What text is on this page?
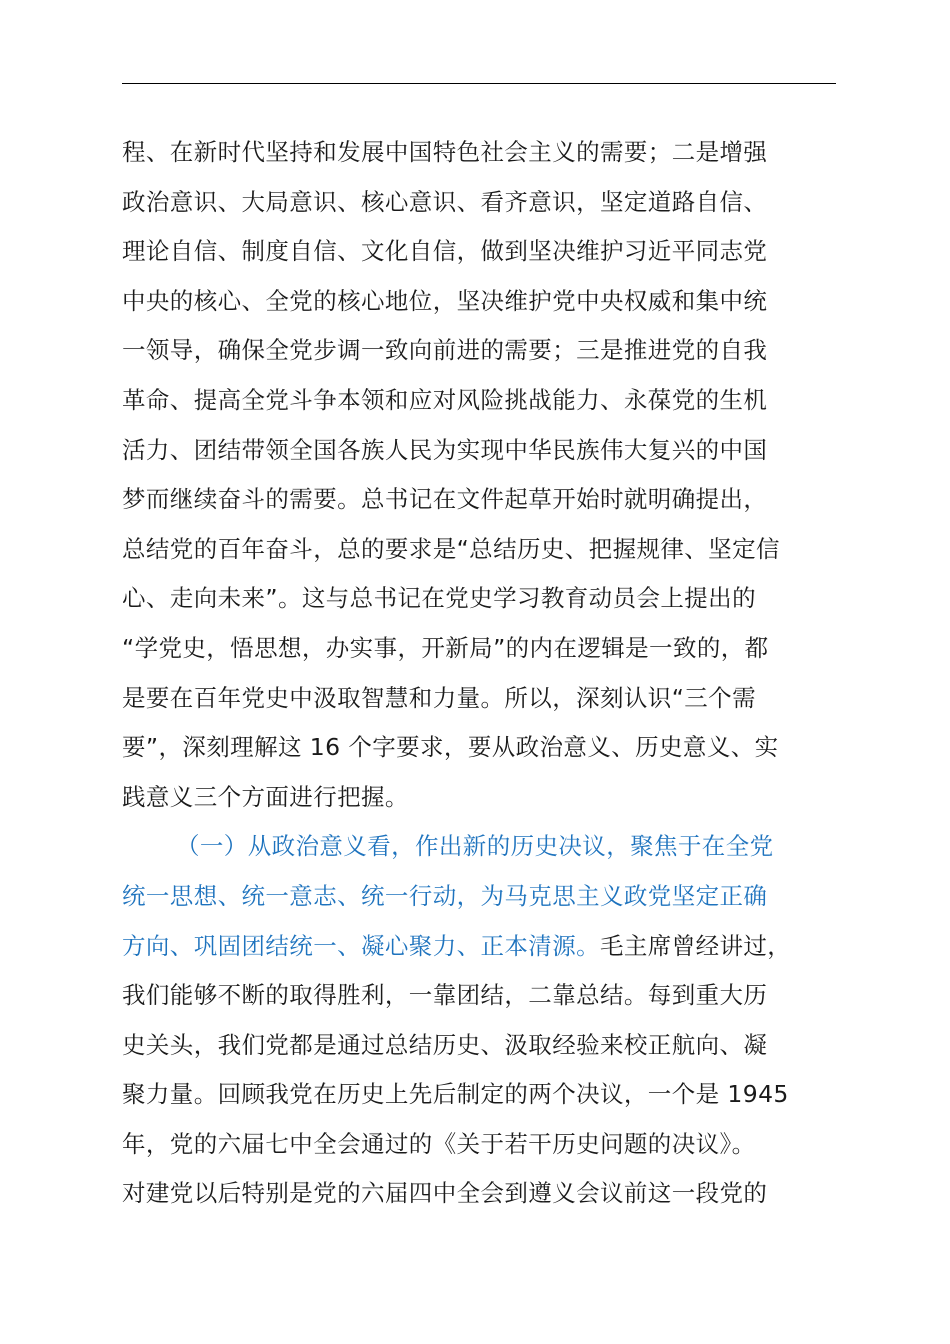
程、在新时代坚持和发展中国特色社会主义的需要；二是增强
政治意识、大局意识、核心意识、看齐意识，坚定道路自信、
理论自信、制度自信、文化自信，做到坚决维护习近平同志党
中央的核心、全党的核心地位，坚决维护党中央权威和集中统
一领导，确保全党步调一致向前进的需要；三是推进党的自我
革命、提高全党斗争本领和应对风险挑战能力、永葆党的生机
活力、团结带领全国各族人民为实现中华民族伟大复兴的中国
梦而继续奋斗的需要。总书记在文件起草开始时就明确提出，
总结党的百年奋斗，总的要求是“总结历史、把握规律、坚定信
心、走向未来”。这与总书记在党史学习教育动员会上提出的
“学党史，悟思想，办实事，开新局”的内在逻辑是一致的，都
是要在百年党史中汲取智慧和力量。所以，深刻认识“三个需
要”，深刻理解这 16 个字要求，要从政治意义、历史意义、实
践意义三个方面进行把握。
（一）从政治意义看，作出新的历史决议，聚焦于在全党
统一思想、统一意志、统一行动，为马克思主义政党坚定正确
方向、巩固团结统一、凝心聚力、正本清源。毛主席曾经讲过，
我们能够不断的取得胜利，一靠团结，二靠总结。每到重大历
史关头，我们党都是通过总结历史、汲取经验来校正航向、凝
聚力量。回顾我党在历史上先后制定的两个决议，一个是 1945
年，党的六届七中全会通过的《关于若干历史问题的决议》。
对建党以后特别是党的六届四中全会到遵义会议前这一段党的
